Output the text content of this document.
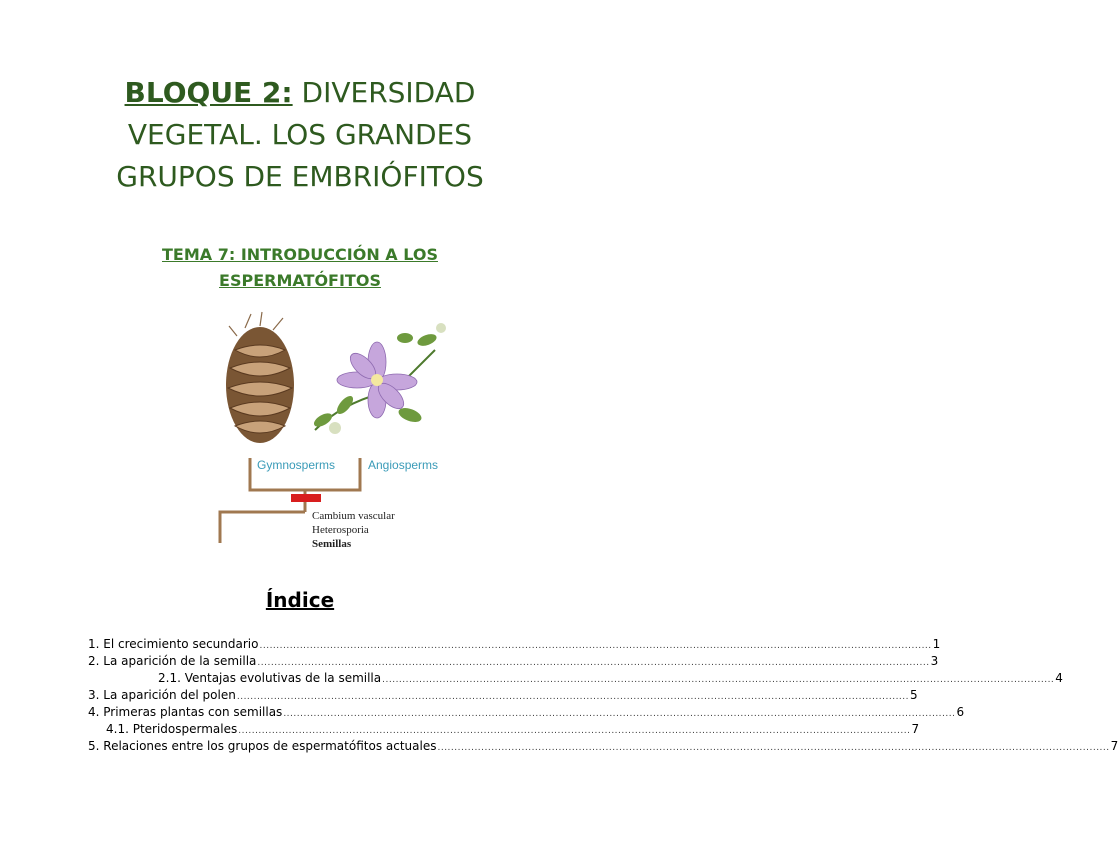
BLOQUE 2: DIVERSIDAD
VEGETAL. LOS GRANDES
GRUPOS DE EMBRIÓFITOS
TEMA 7: INTRODUCCIÓN A LOS
ESPERMATÓFITOS
Gymnosperms	Angiosperms
Cambium vascular
Heterosporia
Semillas
Índice
1. El crecimiento secundario ........................................................................................................................................................................................................ 1
2. La aparición de la semilla ........................................................................................................................................................................................................ 3
2.1. Ventajas evolutivas de la semilla ........................................................................................................................................................................................................ 4
3. La aparición del polen ........................................................................................................................................................................................................ 5
4. Primeras plantas con semillas ........................................................................................................................................................................................................ 6
4.1. Pteridospermales ........................................................................................................................................................................................................ 7
5. Relaciones entre los grupos de espermatófitos actuales ........................................................................................................................................................................................................ 7
